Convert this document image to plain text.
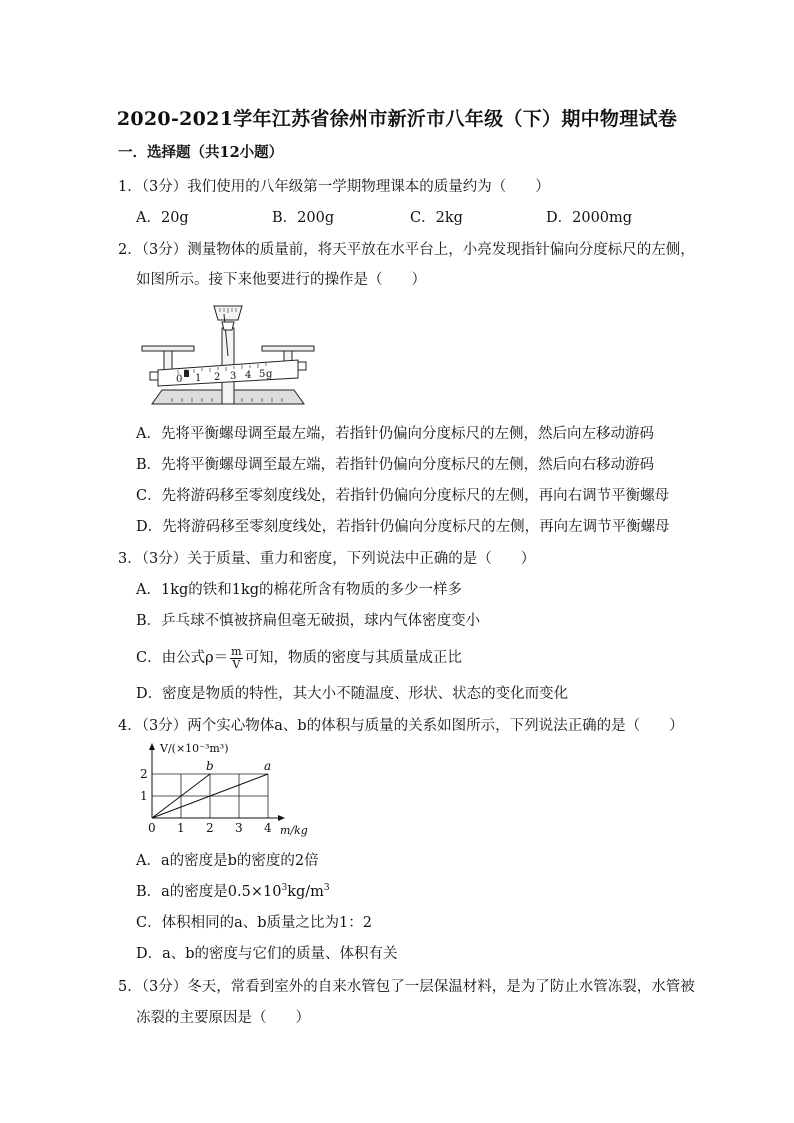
2020-2021学年江苏省徐州市新沂市八年级（下）期中物理试卷
一．选择题（共12小题）
1．（3分）我们使用的八年级第一学期物理课本的质量约为（　　）
A．20g	B．200g	C．2kg	D．2000mg
2．（3分）测量物体的质量前，将天平放在水平台上，小亮发现指针偏向分度标尺的左侧，
如图所示。接下来他要进行的操作是（　　）
0 1 2 3 4 5 g
A．先将平衡螺母调至最左端，若指针仍偏向分度标尺的左侧，然后向左移动游码
B．先将平衡螺母调至最左端，若指针仍偏向分度标尺的左侧，然后向右移动游码
C．先将游码移至零刻度线处，若指针仍偏向分度标尺的左侧，再向右调节平衡螺母
D．先将游码移至零刻度线处，若指针仍偏向分度标尺的左侧，再向左调节平衡螺母
3．（3分）关于质量、重力和密度，下列说法中正确的是（　　）
A．1kg的铁和1kg的棉花所含有物质的多少一样多
B．乒乓球不慎被挤扁但毫无破损，球内气体密度变小
C．由公式$\rho= \frac{m}{V}$ 可知，物质的密度与其质量成正比
D．密度是物质的特性，其大小不随温度、形状、状态的变化而变化
4．（3分）两个实心物体a、b的体积与质量的关系如图所示，下列说法正确的是（　　）
0 1 2 3 4
1
2
V/(×10⁻³m³)
m/kg
b	a
A．a的密度是b的密度的2倍
B．a的密度是$0.5\times 10^3kg/m^3$
C．体积相同的a、b质量之比为1：2
D．a、b的密度与它们的质量、体积有关
5．（3分）冬天，常看到室外的自来水管包了一层保温材料，是为了防止水管冻裂，水管被
冻裂的主要原因是（　　）
